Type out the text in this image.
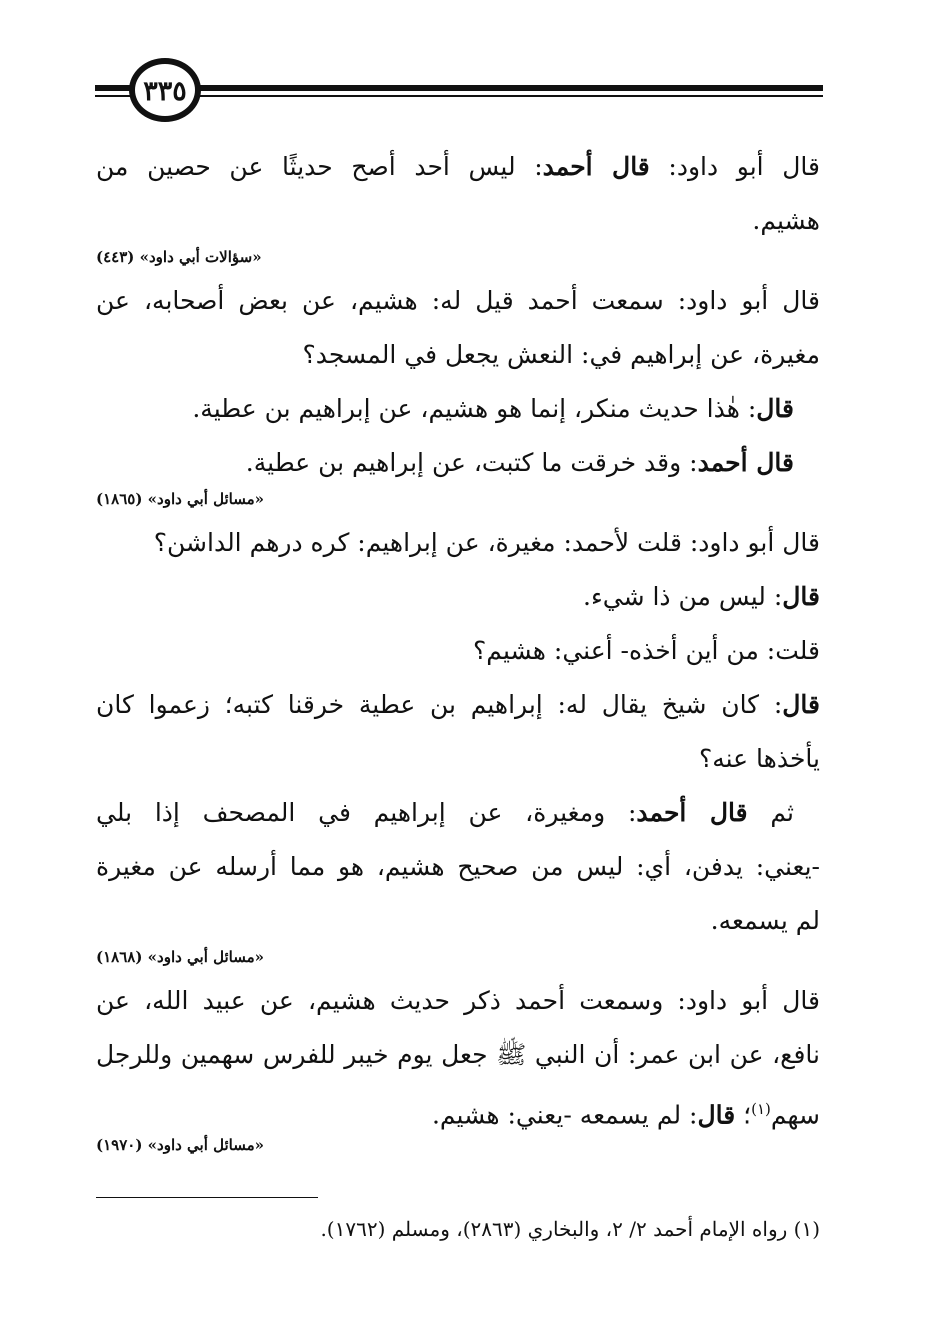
٣٣٥
قال أبو داود: قال أحمد: ليس أحد أصح حديثًا عن حصين من
هشيم.
«سؤالات أبي داود» (٤٤٣)
قال أبو داود: سمعت أحمد قيل له: هشيم، عن بعض أصحابه، عن
مغيرة، عن إبراهيم في: النعش يجعل في المسجد؟
قال: هٰذا حديث منكر، إنما هو هشيم، عن إبراهيم بن عطية.
قال أحمد: وقد خرقت ما كتبت، عن إبراهيم بن عطية.
«مسائل أبي داود» (١٨٦٥)
قال أبو داود: قلت لأحمد: مغيرة، عن إبراهيم: كره درهم الداشن؟
قال: ليس من ذا شيء.
قلت: من أين أخذه- أعني: هشيم؟
قال: كان شيخ يقال له: إبراهيم بن عطية خرقنا كتبه؛ زعموا كان
يأخذها عنه؟
ثم قال أحمد: ومغيرة، عن إبراهيم في المصحف إذا بلي
-يعني: يدفن، أي: ليس من صحيح هشيم، هو مما أرسله عن مغيرة
لم يسمعه.
«مسائل أبي داود» (١٨٦٨)
قال أبو داود: وسمعت أحمد ذكر حديث هشيم، عن عبيد الله، عن
نافع، عن ابن عمر: أن النبي ﷺ جعل يوم خيبر للفرس سهمين وللرجل
سهم$^{(١)}$؛ قال: لم يسمعه -يعني: هشيم.
«مسائل أبي داود» (١٩٧٠)
(١) رواه الإمام أحمد ٢/ ٢، والبخاري (٢٨٦٣)، ومسلم (١٧٦٢).
